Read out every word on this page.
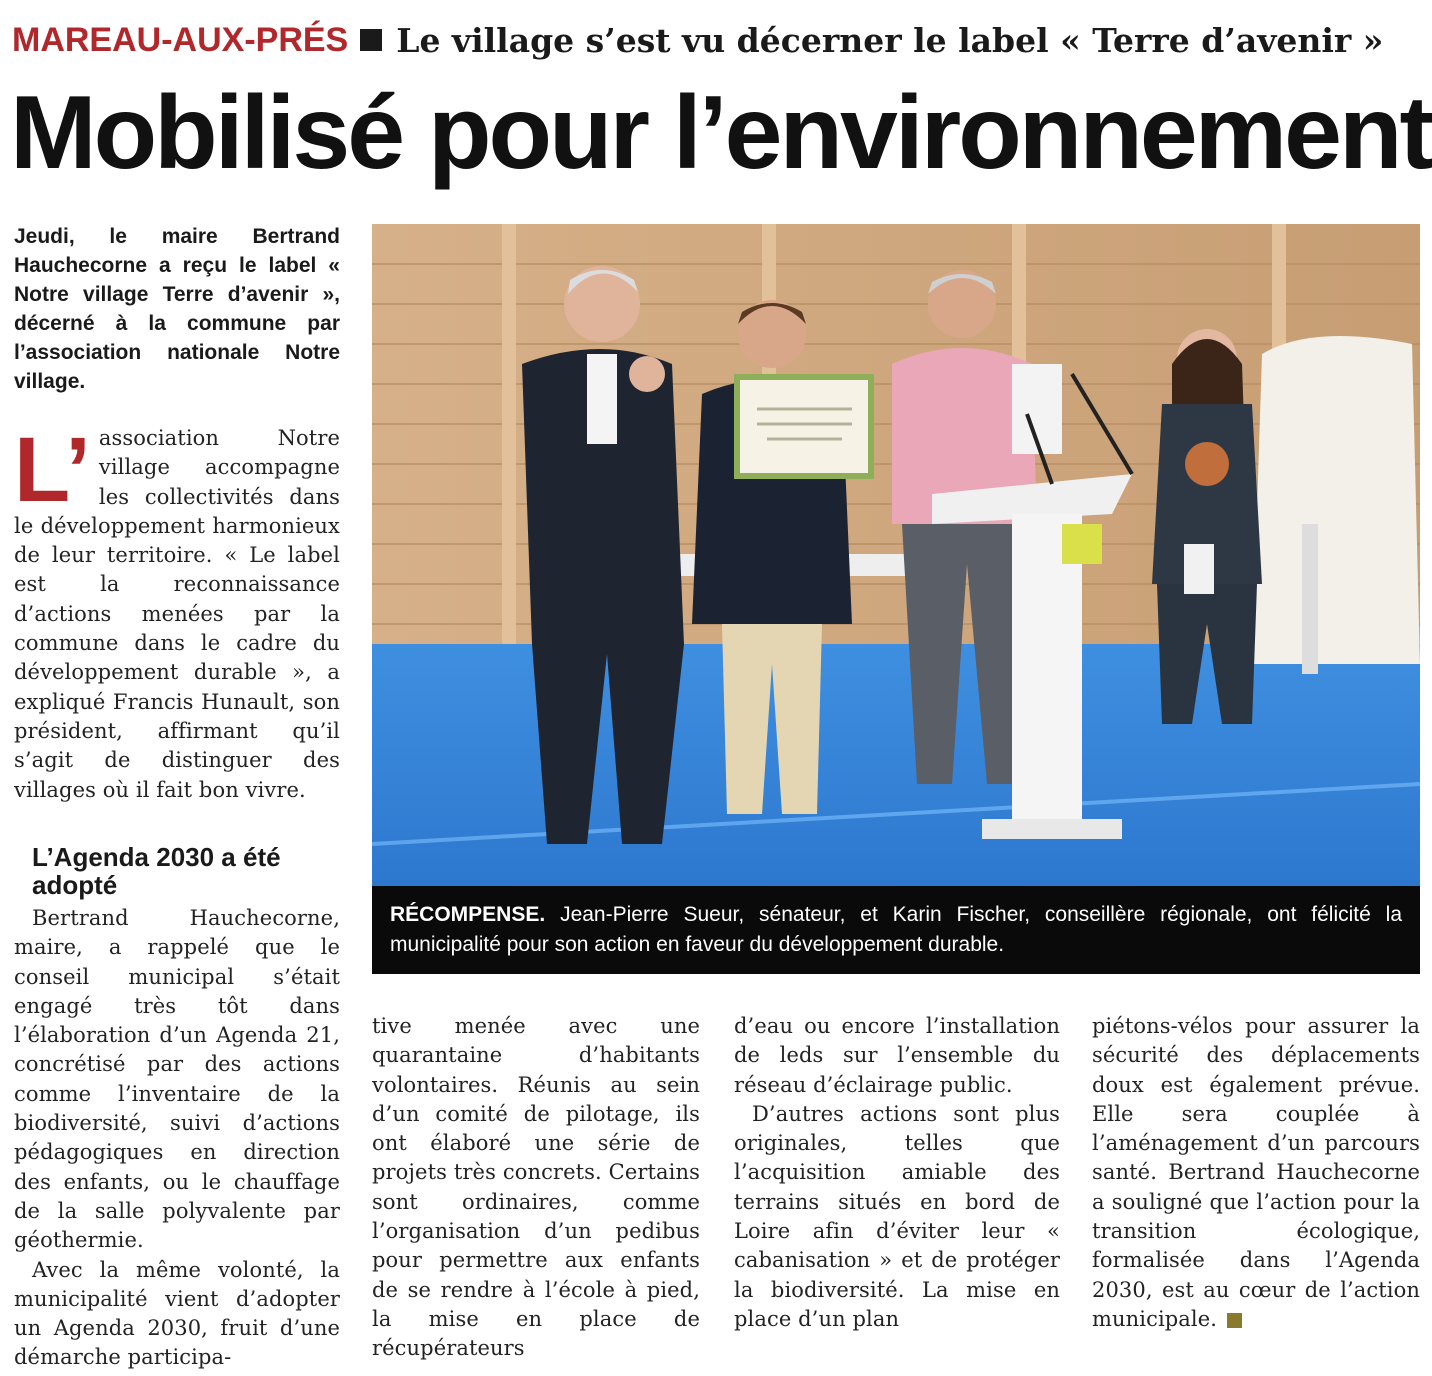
MAREAU-AUX-PRÉS Le village s’est vu décerner le label « Terre d’avenir »
Mobilisé pour l’environnement
Jeudi, le maire Bertrand Hauchecorne a reçu le label « Notre village Terre d’avenir », décerné à la commune par l’association nationale Notre village.
L’ association Notre village accompagne les collectivités dans le développement harmonieux de leur territoire. « Le label est la reconnaissance d’actions menées par la commune dans le cadre du développement durable », a expliqué Francis Hunault, son président, affirmant qu’il s’agit de distinguer des villages où il fait bon vivre.

L’Agenda 2030 a été adopté

Bertrand Hauchecorne, maire, a rappelé que le conseil municipal s’était engagé très tôt dans l’élaboration d’un Agenda 21, concrétisé par des actions comme l’inventaire de la biodiversité, suivi d’actions pédagogiques en direction des enfants, ou le chauffage de la salle polyvalente par géothermie.

Avec la même volonté, la municipalité vient d’adopter un Agenda 2030, fruit d’une démarche participa-

RÉCOMPENSE. Jean-Pierre Sueur, sénateur, et Karin Fischer, conseillère régionale, ont félicité la municipalité pour son action en faveur du développement durable.

tive menée avec une quarantaine d’habitants volontaires. Réunis au sein d’un comité de pilotage, ils ont élaboré une série de projets très concrets. Certains sont ordinaires, comme l’organisation d’un pedibus pour permettre aux enfants de se rendre à l’école à pied, la mise en place de récupérateurs

d’eau ou encore l’installation de leds sur l’ensemble du réseau d’éclairage public.

D’autres actions sont plus originales, telles que l’acquisition amiable des terrains situés en bord de Loire afin d’éviter leur « cabanisation » et de protéger la biodiversité. La mise en place d’un plan

piétons-vélos pour assurer la sécurité des déplacements doux est également prévue. Elle sera couplée à l’aménagement d’un parcours santé. Bertrand Hauchecorne a souligné que l’action pour la transition écologique, formalisée dans l’Agenda 2030, est au cœur de l’action municipale.
